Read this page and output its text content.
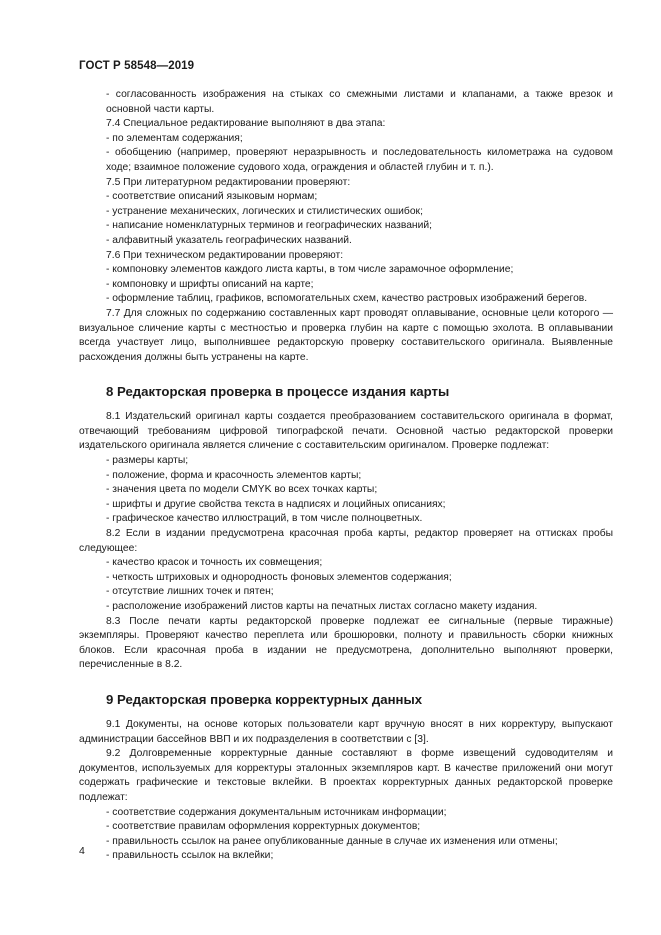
ГОСТ Р 58548—2019

- согласованность изображения на стыках со смежными листами и клапанами, а также врезок и основной части карты.

7.4 Специальное редактирование выполняют в два этапа:

- по элементам содержания;

- обобщению (например, проверяют неразрывность и последовательность километража на судовом ходе; взаимное положение судового хода, ограждения и областей глубин и т. п.).

7.5 При литературном редактировании проверяют:

- соответствие описаний языковым нормам;

- устранение механических, логических и стилистических ошибок;

- написание номенклатурных терминов и географических названий;

- алфавитный указатель географических названий.

7.6 При техническом редактировании проверяют:

- компоновку элементов каждого листа карты, в том числе зарамочное оформление;

- компоновку и шрифты описаний на карте;

- оформление таблиц, графиков, вспомогательных схем, качество растровых изображений берегов.

7.7 Для сложных по содержанию составленных карт проводят оплавывание, основные цели которого — визуальное сличение карты с местностью и проверка глубин на карте с помощью эхолота. В оплавывании всегда участвует лицо, выполнившее редакторскую проверку составительского оригинала. Выявленные расхождения должны быть устранены на карте.

8 Редакторская проверка в процессе издания карты

8.1 Издательский оригинал карты создается преобразованием составительского оригинала в формат, отвечающий требованиям цифровой типографской печати. Основной частью редакторской проверки издательского оригинала является сличение с составительским оригиналом. Проверке подлежат:

- размеры карты;

- положение, форма и красочность элементов карты;

- значения цвета по модели CMYK во всех точках карты;

- шрифты и другие свойства текста в надписях и лоцийных описаниях;

- графическое качество иллюстраций, в том числе полноцветных.

8.2 Если в издании предусмотрена красочная проба карты, редактор проверяет на оттисках пробы следующее:

- качество красок и точность их совмещения;

- четкость штриховых и однородность фоновых элементов содержания;

- отсутствие лишних точек и пятен;

- расположение изображений листов карты на печатных листах согласно макету издания.

8.3 После печати карты редакторской проверке подлежат ее сигнальные (первые тиражные) экземпляры. Проверяют качество переплета или брошюровки, полноту и правильность сборки книжных блоков. Если красочная проба в издании не предусмотрена, дополнительно выполняют проверки, перечисленные в 8.2.

9 Редакторская проверка корректурных данных

9.1 Документы, на основе которых пользователи карт вручную вносят в них корректуру, выпускают администрации бассейнов ВВП и их подразделения в соответствии с [3].

9.2 Долговременные корректурные данные составляют в форме извещений судоводителям и документов, используемых для корректуры эталонных экземпляров карт. В качестве приложений они могут содержать графические и текстовые вклейки. В проектах корректурных данных редакторской проверке подлежат:

- соответствие содержания документальным источникам информации;

- соответствие правилам оформления корректурных документов;

- правильность ссылок на ранее опубликованные данные в случае их изменения или отмены;

- правильность ссылок на вклейки;

4
